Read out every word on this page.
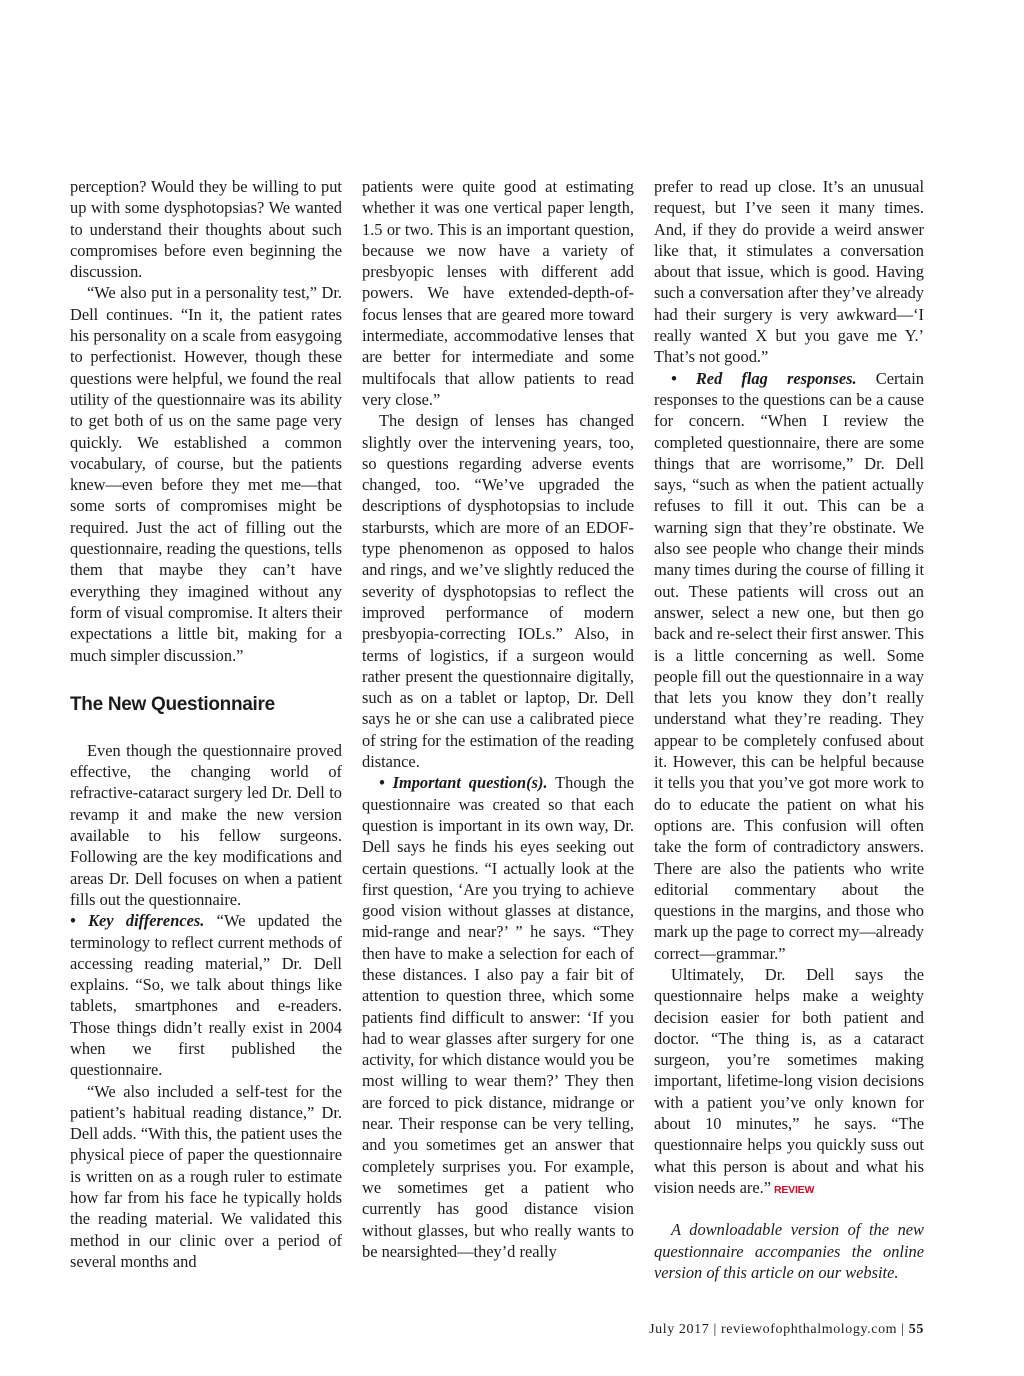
perception? Would they be willing to put up with some dysphotopsias? We wanted to understand their thoughts about such compromises before even beginning the discussion.

“We also put in a personality test,” Dr. Dell continues. “In it, the patient rates his personality on a scale from easygoing to perfectionist. However, though these questions were helpful, we found the real utility of the questionnaire was its ability to get both of us on the same page very quickly. We established a common vocabulary, of course, but the patients knew—even before they met me—that some sorts of compromises might be required. Just the act of filling out the questionnaire, reading the questions, tells them that maybe they can’t have everything they imagined without any form of visual compromise. It alters their expectations a little bit, making for a much simpler discussion.”

The New Questionnaire

Even though the questionnaire proved effective, the changing world of refractive-cataract surgery led Dr. Dell to revamp it and make the new version available to his fellow surgeons. Following are the key modifications and areas Dr. Dell focuses on when a patient fills out the questionnaire.

• Key differences. “We updated the terminology to reflect current methods of accessing reading material,” Dr. Dell explains. “So, we talk about things like tablets, smartphones and e-readers. Those things didn’t really exist in 2004 when we first published the questionnaire.

“We also included a self-test for the patient’s habitual reading distance,” Dr. Dell adds. “With this, the patient uses the physical piece of paper the questionnaire is written on as a rough ruler to estimate how far from his face he typically holds the reading material. We validated this method in our clinic over a period of several months and

patients were quite good at estimating whether it was one vertical paper length, 1.5 or two. This is an important question, because we now have a variety of presbyopic lenses with different add powers. We have extended-depth-of-focus lenses that are geared more toward intermediate, accommodative lenses that are better for intermediate and some multifocals that allow patients to read very close.”

The design of lenses has changed slightly over the intervening years, too, so questions regarding adverse events changed, too. “We’ve upgraded the descriptions of dysphotopsias to include starbursts, which are more of an EDOF-type phenomenon as opposed to halos and rings, and we’ve slightly reduced the severity of dysphotopsias to reflect the improved performance of modern presbyopia-correcting IOLs.” Also, in terms of logistics, if a surgeon would rather present the questionnaire digitally, such as on a tablet or laptop, Dr. Dell says he or she can use a calibrated piece of string for the estimation of the reading distance.

• Important question(s). Though the questionnaire was created so that each question is important in its own way, Dr. Dell says he finds his eyes seeking out certain questions. “I actually look at the first question, ‘Are you trying to achieve good vision without glasses at distance, mid-range and near?’ ” he says. “They then have to make a selection for each of these distances. I also pay a fair bit of attention to question three, which some patients find difficult to answer: ‘If you had to wear glasses after surgery for one activity, for which distance would you be most willing to wear them?’ They then are forced to pick distance, midrange or near. Their response can be very telling, and you sometimes get an answer that completely surprises you. For example, we sometimes get a patient who currently has good distance vision without glasses, but who really wants to be nearsighted—they’d really

prefer to read up close. It’s an unusual request, but I’ve seen it many times. And, if they do provide a weird answer like that, it stimulates a conversation about that issue, which is good. Having such a conversation after they’ve already had their surgery is very awkward—‘I really wanted X but you gave me Y.’ That’s not good.”

• Red flag responses. Certain responses to the questions can be a cause for concern. “When I review the completed questionnaire, there are some things that are worrisome,” Dr. Dell says, “such as when the patient actually refuses to fill it out. This can be a warning sign that they’re obstinate. We also see people who change their minds many times during the course of filling it out. These patients will cross out an answer, select a new one, but then go back and re-select their first answer. This is a little concerning as well. Some people fill out the questionnaire in a way that lets you know they don’t really understand what they’re reading. They appear to be completely confused about it. However, this can be helpful because it tells you that you’ve got more work to do to educate the patient on what his options are. This confusion will often take the form of contradictory answers. There are also the patients who write editorial commentary about the questions in the margins, and those who mark up the page to correct my—already correct—grammar.”

Ultimately, Dr. Dell says the questionnaire helps make a weighty decision easier for both patient and doctor. “The thing is, as a cataract surgeon, you’re sometimes making important, lifetime-long vision decisions with a patient you’ve only known for about 10 minutes,” he says. “The questionnaire helps you quickly suss out what this person is about and what his vision needs are.” REVIEW

A downloadable version of the new questionnaire accompanies the online version of this article on our website.

July 2017 | reviewofophthalmology.com | 55
